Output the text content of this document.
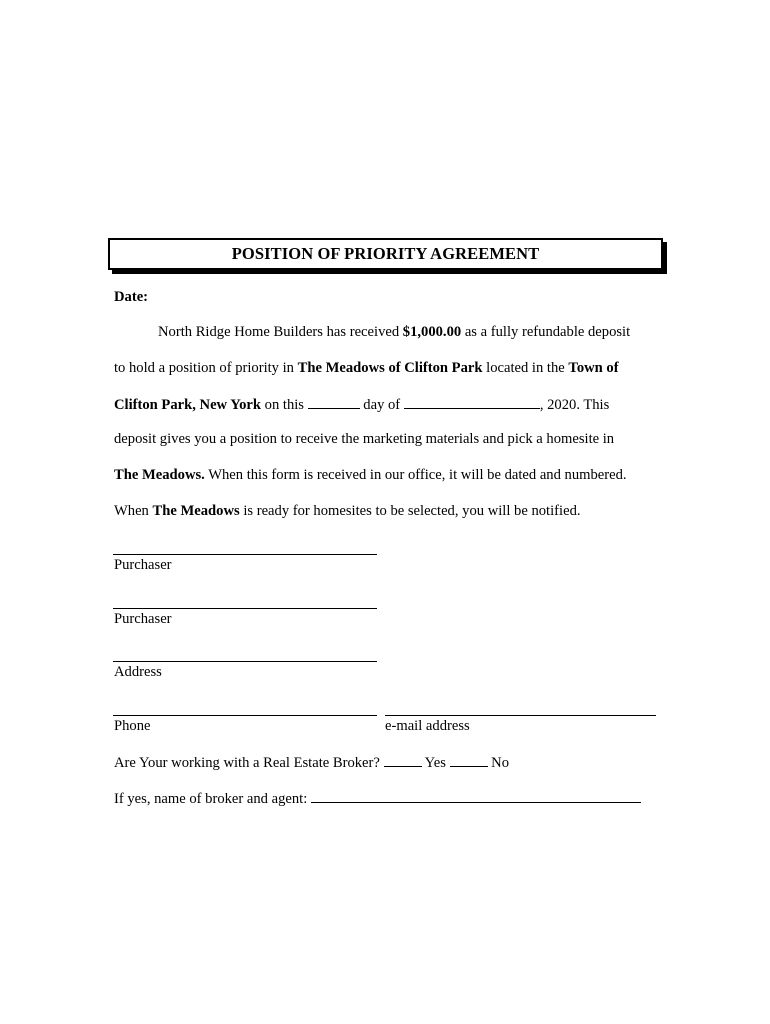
POSITION OF PRIORITY AGREEMENT
Date:
North Ridge Home Builders has received $1,000.00 as a fully refundable deposit
to hold a position of priority in The Meadows of Clifton Park located in the Town of
Clifton Park, New York on this	day of	, 2020. This
deposit gives you a position to receive the marketing materials and pick a homesite in
The Meadows. When this form is received in our office, it will be dated and numbered.
When The Meadows is ready for homesites to be selected, you will be notified.
Purchaser
Purchaser
Address
Phone	e-mail address
Are Your working with a Real Estate Broker?	Yes	No
If yes, name of broker and agent:
